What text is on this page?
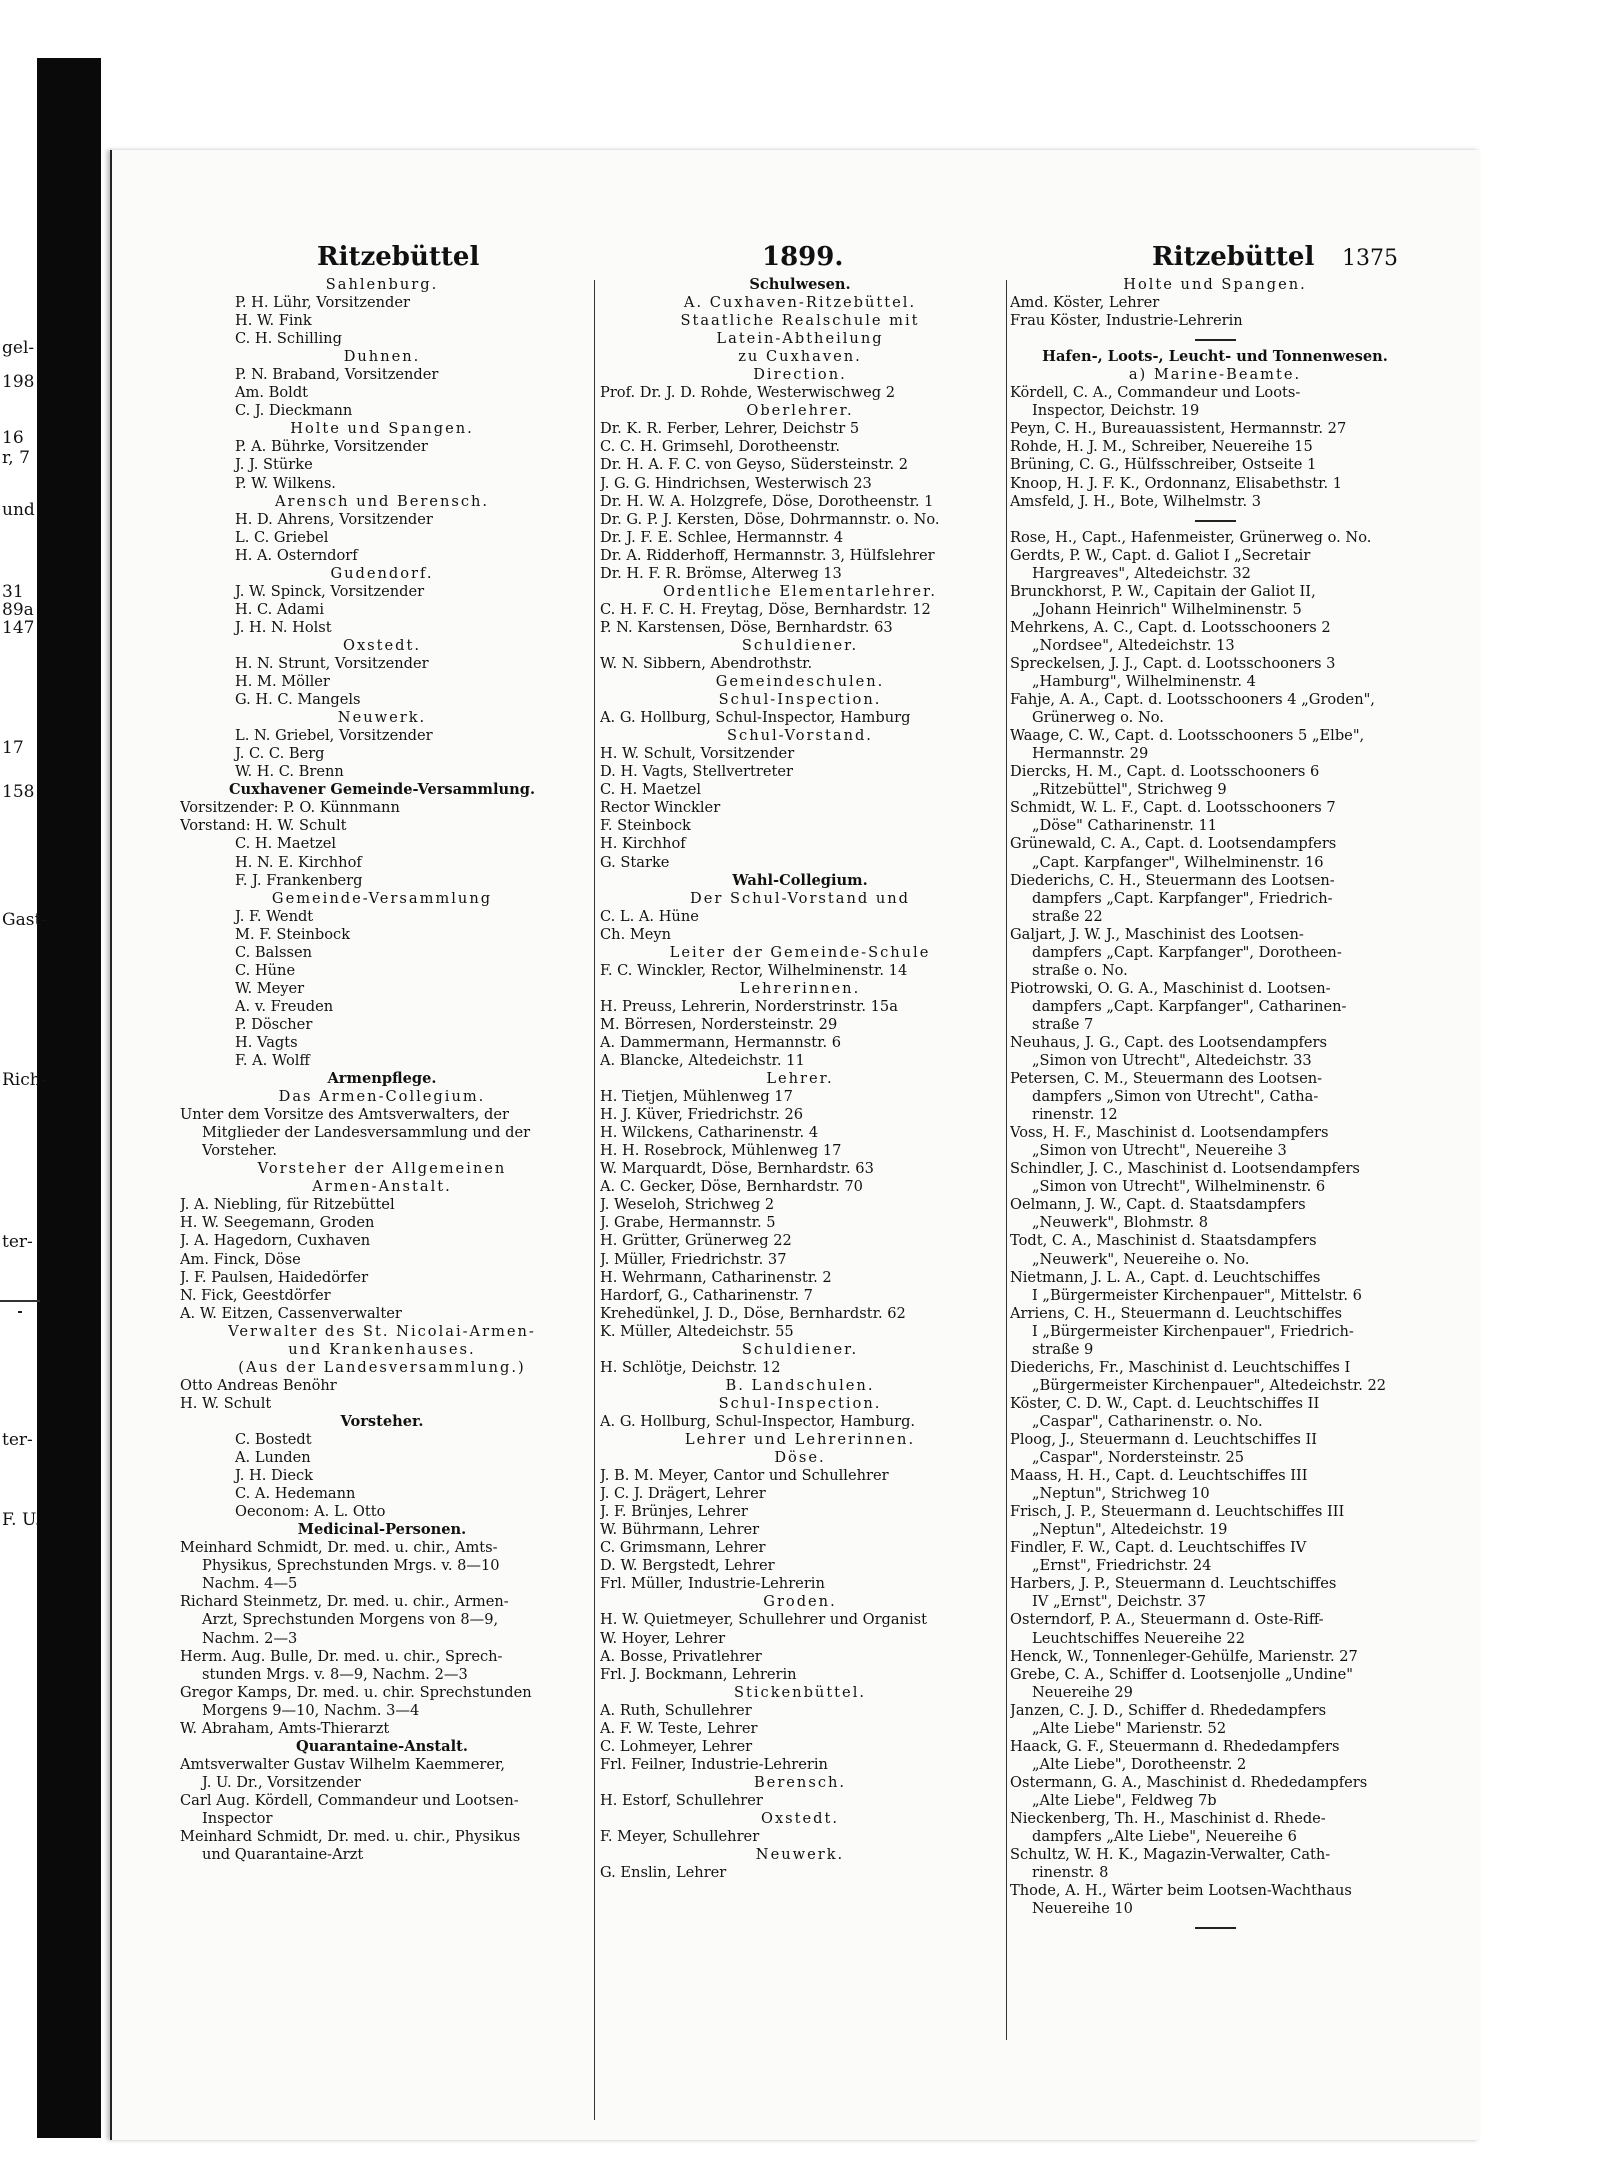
gel-
198
16
r, 7
und
31
89a
147
17
158
Gast-
Rich-
ter-
ter-
F. U.
Ritzebüttel	1899.	Ritzebüttel 1375
Sahlenburg.
P. H. Lühr, Vorsitzender
H. W. Fink
C. H. Schilling
Duhnen.
P. N. Braband, Vorsitzender
Am. Boldt
C. J. Dieckmann
Holte und Spangen.
P. A. Bührke, Vorsitzender
J. J. Stürke
P. W. Wilkens.
Arensch und Berensch.
H. D. Ahrens, Vorsitzender
L. C. Griebel
H. A. Osterndorf
Gudendorf.
J. W. Spinck, Vorsitzender
H. C. Adami
J. H. N. Holst
Oxstedt.
H. N. Strunt, Vorsitzender
H. M. Möller
G. H. C. Mangels
Neuwerk.
L. N. Griebel, Vorsitzender
J. C. C. Berg
W. H. C. Brenn
Cuxhavener Gemeinde-Versammlung.
Vorsitzender: P. O. Künnmann
Vorstand: H. W. Schult
C. H. Maetzel
H. N. E. Kirchhof
F. J. Frankenberg
Gemeinde-Versammlung
J. F. Wendt
M. F. Steinbock
C. Balssen
C. Hüne
W. Meyer
A. v. Freuden
P. Döscher
H. Vagts
F. A. Wolff
Armenpflege.
Das Armen-Collegium.
Unter dem Vorsitze des Amtsverwalters, der
Mitglieder der Landesversammlung und der
Vorsteher.
Vorsteher der Allgemeinen
Armen-Anstalt.
J. A. Niebling, für Ritzebüttel
H. W. Seegemann, Groden
J. A. Hagedorn, Cuxhaven
Am. Finck, Döse
J. F. Paulsen, Haidedörfer
N. Fick, Geestdörfer
A. W. Eitzen, Cassenverwalter
Verwalter des St. Nicolai-Armen-
und Krankenhauses.
(Aus der Landesversammlung.)
Otto Andreas Benöhr
H. W. Schult
Vorsteher.
C. Bostedt
A. Lunden
J. H. Dieck
C. A. Hedemann
Oeconom: A. L. Otto
Medicinal-Personen.
Meinhard Schmidt, Dr. med. u. chir., Amts-
Physikus, Sprechstunden Mrgs. v. 8—10
Nachm. 4—5
Richard Steinmetz, Dr. med. u. chir., Armen-
Arzt, Sprechstunden Morgens von 8—9,
Nachm. 2—3
Herm. Aug. Bulle, Dr. med. u. chir., Sprech-
stunden Mrgs. v. 8—9, Nachm. 2—3
Gregor Kamps, Dr. med. u. chir. Sprechstunden
Morgens 9—10, Nachm. 3—4
W. Abraham, Amts-Thierarzt
Quarantaine-Anstalt.
Amtsverwalter Gustav Wilhelm Kaemmerer,
J. U. Dr., Vorsitzender
Carl Aug. Kördell, Commandeur und Lootsen-
Inspector
Meinhard Schmidt, Dr. med. u. chir., Physikus
und Quarantaine-Arzt
Schulwesen.
A. Cuxhaven-Ritzebüttel.
Staatliche Realschule mit
Latein-Abtheilung
zu Cuxhaven.
Direction.
Prof. Dr. J. D. Rohde, Westerwischweg 2
Oberlehrer.
Dr. K. R. Ferber, Lehrer, Deichstr 5
C. C. H. Grimsehl, Dorotheenstr.
Dr. H. A. F. C. von Geyso, Südersteinstr. 2
J. G. G. Hindrichsen, Westerwisch 23
Dr. H. W. A. Holzgrefe, Döse, Dorotheenstr. 1
Dr. G. P. J. Kersten, Döse, Dohrmannstr. o. No.
Dr. J. F. E. Schlee, Hermannstr. 4
Dr. A. Ridderhoff, Hermannstr. 3, Hülfslehrer
Dr. H. F. R. Brömse, Alterweg 13
Ordentliche Elementarlehrer.
C. H. F. C. H. Freytag, Döse, Bernhardstr. 12
P. N. Karstensen, Döse, Bernhardstr. 63
Schuldiener.
W. N. Sibbern, Abendrothstr.
Gemeindeschulen.
Schul-Inspection.
A. G. Hollburg, Schul-Inspector, Hamburg
Schul-Vorstand.
H. W. Schult, Vorsitzender
D. H. Vagts, Stellvertreter
C. H. Maetzel
Rector Winckler
F. Steinbock
H. Kirchhof
G. Starke
Wahl-Collegium.
Der Schul-Vorstand und
C. L. A. Hüne
Ch. Meyn
Leiter der Gemeinde-Schule
F. C. Winckler, Rector, Wilhelminenstr. 14
Lehrerinnen.
H. Preuss, Lehrerin, Norderstrinstr. 15a
M. Börresen, Nordersteinstr. 29
A. Dammermann, Hermannstr. 6
A. Blancke, Altedeichstr. 11
Lehrer.
H. Tietjen, Mühlenweg 17
H. J. Küver, Friedrichstr. 26
H. Wilckens, Catharinenstr. 4
H. H. Rosebrock, Mühlenweg 17
W. Marquardt, Döse, Bernhardstr. 63
A. C. Gecker, Döse, Bernhardstr. 70
J. Weseloh, Strichweg 2
J. Grabe, Hermannstr. 5
H. Grütter, Grünerweg 22
J. Müller, Friedrichstr. 37
H. Wehrmann, Catharinenstr. 2
Hardorf, G., Catharinenstr. 7
Krehedünkel, J. D., Döse, Bernhardstr. 62
K. Müller, Altedeichstr. 55
Schuldiener.
H. Schlötje, Deichstr. 12
B. Landschulen.
Schul-Inspection.
A. G. Hollburg, Schul-Inspector, Hamburg.
Lehrer und Lehrerinnen.
Döse.
J. B. M. Meyer, Cantor und Schullehrer
J. C. J. Drägert, Lehrer
J. F. Brünjes, Lehrer
W. Bührmann, Lehrer
C. Grimsmann, Lehrer
D. W. Bergstedt, Lehrer
Frl. Müller, Industrie-Lehrerin
Groden.
H. W. Quietmeyer, Schullehrer und Organist
W. Hoyer, Lehrer
A. Bosse, Privatlehrer
Frl. J. Bockmann, Lehrerin
Stickenbüttel.
A. Ruth, Schullehrer
A. F. W. Teste, Lehrer
C. Lohmeyer, Lehrer
Frl. Feilner, Industrie-Lehrerin
Berensch.
H. Estorf, Schullehrer
Oxstedt.
F. Meyer, Schullehrer
Neuwerk.
G. Enslin, Lehrer
Holte und Spangen.
Amd. Köster, Lehrer
Frau Köster, Industrie-Lehrerin
Hafen-, Loots-, Leucht- und Tonnenwesen.
a) Marine-Beamte.
Kördell, C. A., Commandeur und Loots-
Inspector, Deichstr. 19
Peyn, C. H., Bureauassistent, Hermannstr. 27
Rohde, H. J. M., Schreiber, Neuereihe 15
Brüning, C. G., Hülfsschreiber, Ostseite 1
Knoop, H. J. F. K., Ordonnanz, Elisabethstr. 1
Amsfeld, J. H., Bote, Wilhelmstr. 3
Rose, H., Capt., Hafenmeister, Grünerweg o. No.
Gerdts, P. W., Capt. d. Galiot I „Secretair
Hargreaves", Altedeichstr. 32
Brunckhorst, P. W., Capitain der Galiot II,
„Johann Heinrich" Wilhelminenstr. 5
Mehrkens, A. C., Capt. d. Lootsschooners 2
„Nordsee", Altedeichstr. 13
Spreckelsen, J. J., Capt. d. Lootsschooners 3
„Hamburg", Wilhelminenstr. 4
Fahje, A. A., Capt. d. Lootsschooners 4 „Groden",
Grünerweg o. No.
Waage, C. W., Capt. d. Lootsschooners 5 „Elbe",
Hermannstr. 29
Diercks, H. M., Capt. d. Lootsschooners 6
„Ritzebüttel", Strichweg 9
Schmidt, W. L. F., Capt. d. Lootsschooners 7
„Döse" Catharinenstr. 11
Grünewald, C. A., Capt. d. Lootsendampfers
„Capt. Karpfanger", Wilhelminenstr. 16
Diederichs, C. H., Steuermann des Lootsen-
dampfers „Capt. Karpfanger", Friedrich-
straße 22
Galjart, J. W. J., Maschinist des Lootsen-
dampfers „Capt. Karpfanger", Dorotheen-
straße o. No.
Piotrowski, O. G. A., Maschinist d. Lootsen-
dampfers „Capt. Karpfanger", Catharinen-
straße 7
Neuhaus, J. G., Capt. des Lootsendampfers
„Simon von Utrecht", Altedeichstr. 33
Petersen, C. M., Steuermann des Lootsen-
dampfers „Simon von Utrecht", Catha-
rinenstr. 12
Voss, H. F., Maschinist d. Lootsendampfers
„Simon von Utrecht", Neuereihe 3
Schindler, J. C., Maschinist d. Lootsendampfers
„Simon von Utrecht", Wilhelminenstr. 6
Oelmann, J. W., Capt. d. Staatsdampfers
„Neuwerk", Blohmstr. 8
Todt, C. A., Maschinist d. Staatsdampfers
„Neuwerk", Neuereihe o. No.
Nietmann, J. L. A., Capt. d. Leuchtschiffes
I „Bürgermeister Kirchenpauer", Mittelstr. 6
Arriens, C. H., Steuermann d. Leuchtschiffes
I „Bürgermeister Kirchenpauer", Friedrich-
straße 9
Diederichs, Fr., Maschinist d. Leuchtschiffes I
„Bürgermeister Kirchenpauer", Altedeichstr. 22
Köster, C. D. W., Capt. d. Leuchtschiffes II
„Caspar", Catharinenstr. o. No.
Ploog, J., Steuermann d. Leuchtschiffes II
„Caspar", Nordersteinstr. 25
Maass, H. H., Capt. d. Leuchtschiffes III
„Neptun", Strichweg 10
Frisch, J. P., Steuermann d. Leuchtschiffes III
„Neptun", Altedeichstr. 19
Findler, F. W., Capt. d. Leuchtschiffes IV
„Ernst", Friedrichstr. 24
Harbers, J. P., Steuermann d. Leuchtschiffes
IV „Ernst", Deichstr. 37
Osterndorf, P. A., Steuermann d. Oste-Riff-
Leuchtschiffes Neuereihe 22
Henck, W., Tonnenleger-Gehülfe, Marienstr. 27
Grebe, C. A., Schiffer d. Lootsenjolle „Undine"
Neuereihe 29
Janzen, C. J. D., Schiffer d. Rhededampfers
„Alte Liebe" Marienstr. 52
Haack, G. F., Steuermann d. Rhededampfers
„Alte Liebe", Dorotheenstr. 2
Ostermann, G. A., Maschinist d. Rhededampfers
„Alte Liebe", Feldweg 7b
Nieckenberg, Th. H., Maschinist d. Rhede-
dampfers „Alte Liebe", Neuereihe 6
Schultz, W. H. K., Magazin-Verwalter, Cath-
rinenstr. 8
Thode, A. H., Wärter beim Lootsen-Wachthaus
Neuereihe 10
